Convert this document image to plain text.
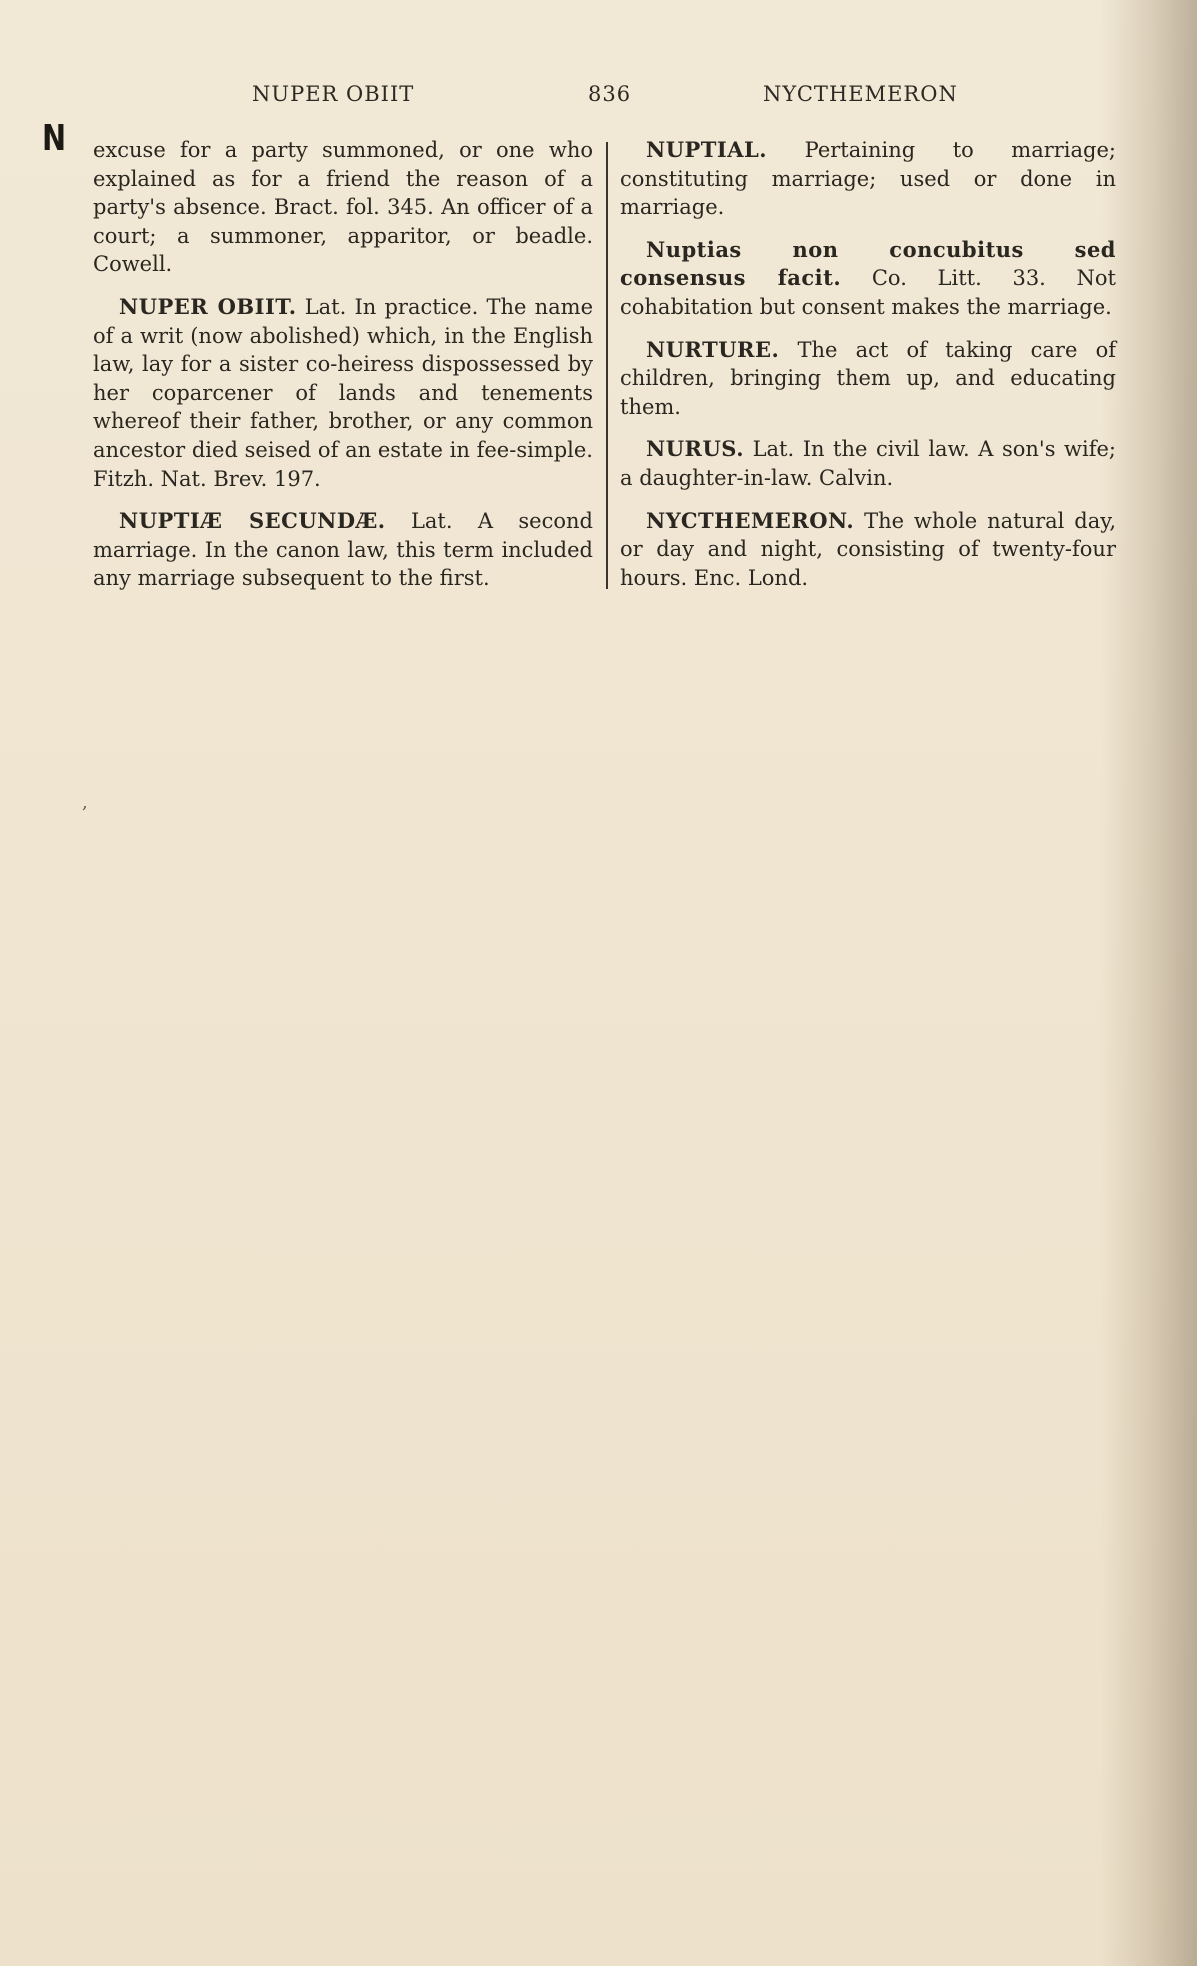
NUPER OBIIT	836	NYCTHEMERON
N excuse for a party summoned, or one who explained as for a friend the reason of a party's absence. Bract. fol. 345. An officer of a court; a summoner, apparitor, or beadle. Cowell.

NUPER OBIIT. Lat. In practice. The name of a writ (now abolished) which, in the English law, lay for a sister co-heiress dispossessed by her coparcener of lands and tenements whereof their father, brother, or any common ancestor died seised of an estate in fee-simple. Fitzh. Nat. Brev. 197.

NUPTIÆ SECUNDÆ. Lat. A second marriage. In the canon law, this term included any marriage subsequent to the first.

NUPTIAL. Pertaining to marriage; constituting marriage; used or done in marriage.

Nuptias non concubitus sed consensus facit. Co. Litt. 33. Not cohabitation but consent makes the marriage.

NURTURE. The act of taking care of children, bringing them up, and educating them.

NURUS. Lat. In the civil law. A son's wife; a daughter-in-law. Calvin.

NYCTHEMERON. The whole natural day, or day and night, consisting of twenty-four hours. Enc. Lond.

,
